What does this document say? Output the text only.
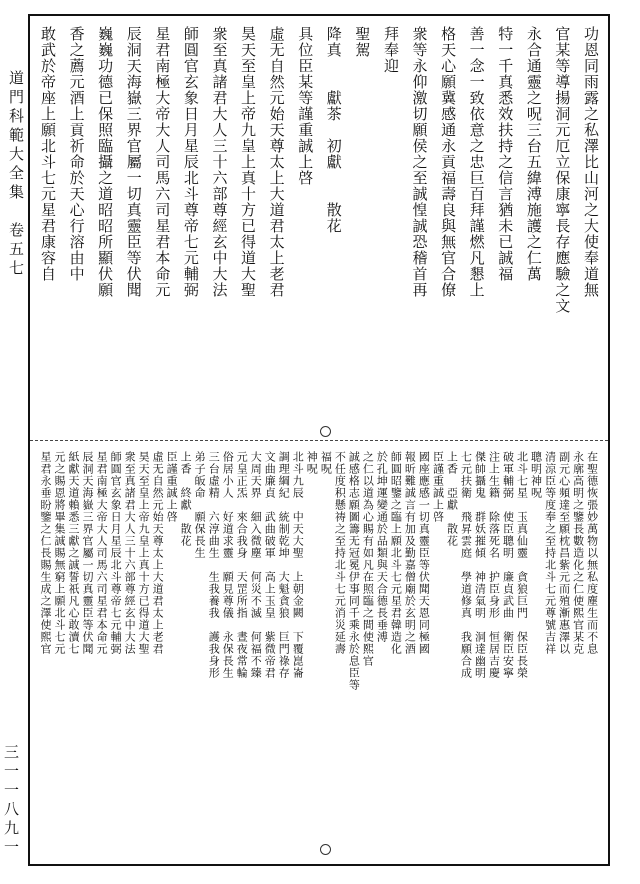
道門科範大全集　卷五七
三一一八九一
功恩同雨露之私澤比山河之大使奉道無
官某等導揚洞元厄立保康寧長存應驗之文
永合通靈之呪三台五緯溥施護之仁萬
特一千真悉效扶持之信言猶未已誠福
善一念一致依意之忠巨百拜謹燃凡懇上
格天心願冀感通永貢福壽良與無官合僚
衆等永仰激切願侯之至誠惶誠恐稽首再
拜奉迎
聖駕
降真　　獻茶　初獻　　散花
具位臣某等謹重誠上啓
虛无自然元始天尊太上大道君太上老君
昊天至皇上帝九皇上真十方已得道大聖
衆至真諸君大人三十六部尊經玄中大法
師圓官玄象日月星辰北斗尊帝七元輔弼
星君南極大帝大人司馬六司星君本命元
辰洞天海嶽三界官屬一切真靈臣等伏聞
巍巍功德已保照臨攝之道昭昭所顯伏願
香之薦元酒上貢祈命於天心行溶由中
敢武於帝座上願北斗七元星君康容自
在聖德恢張妙萬物以無私度塵生而不息
永廓高明之鑒長數造化之仁使熙官某克
副元心頻達至願枕昌紫元而殖漸惠澤以
清涼臣等度奉之至持北斗七元尊號吉祥
聰明神呪
北斗七星　玉真仙靈　貪狼巨門　保臣長榮
破軍輔弼　使臣聰明　廉貞武曲　衛臣安寧
注上生籍　除落死名　护臣身形　恒居吉慶
傑帥攝鬼　群妖摧傾　神清氣明　洞達幽明
七元扶衛　飛昇雲庭　學道修真　我願合成
上香　亞獻　散花
臣謹重誠上啓
國座應感一切真靈臣等伏聞天恩同極國
報昕難誠言有加及勤嘉僧廟於玄明之酒
師圓昭鑒之臨上願北斗七元星君韓造化
於孔坤運變通於品類與天合德長垂溥
之仁以道為心賜有如凡在照臨之間使熙官
誠感格志願圖籌无冠冕伊事同千乘永於息臣等
不任度积懸祷之至持北斗七元消災延壽
福呪
神呪
北斗九辰　中天大聖　上朝金闕　下覆崑崙
調理綱紀　統制乾坤　大魁貪狼　巨門祿存
文曲廉貞　武曲破軍　高上玉皇　紫微帝君
大周天界　細入微塵　何災不滅　何福不臻
元皇正炁　來合我身　天罡所指　晝夜常輪
俗居小人　好道求靈　願見尊儀　永保長生
三台虛精　六淳曲生　生我養我　護我身形
弟子皈命　願保長生
上香　終獻　散花
臣謹重誠上啓
虛无自然元始天尊太上大道君太上老君
昊天至皇上帝九皇上真十方已得道大聖
衆至真諸君大人三十六部尊經玄中大法
師圓官玄象日月星辰北斗尊帝七元輔弼
星君南極大帝大人司馬六司星君本命元
辰洞天海嶽三界官屬一切真靈臣等伏聞
紙獻天道賴悉三獻之誠誓祇凡心敢瀆七
元之賜恩將畢集誠賜無窮上願北斗七元
星君永垂盼鑒之仁長賜生成之澤使熙官
